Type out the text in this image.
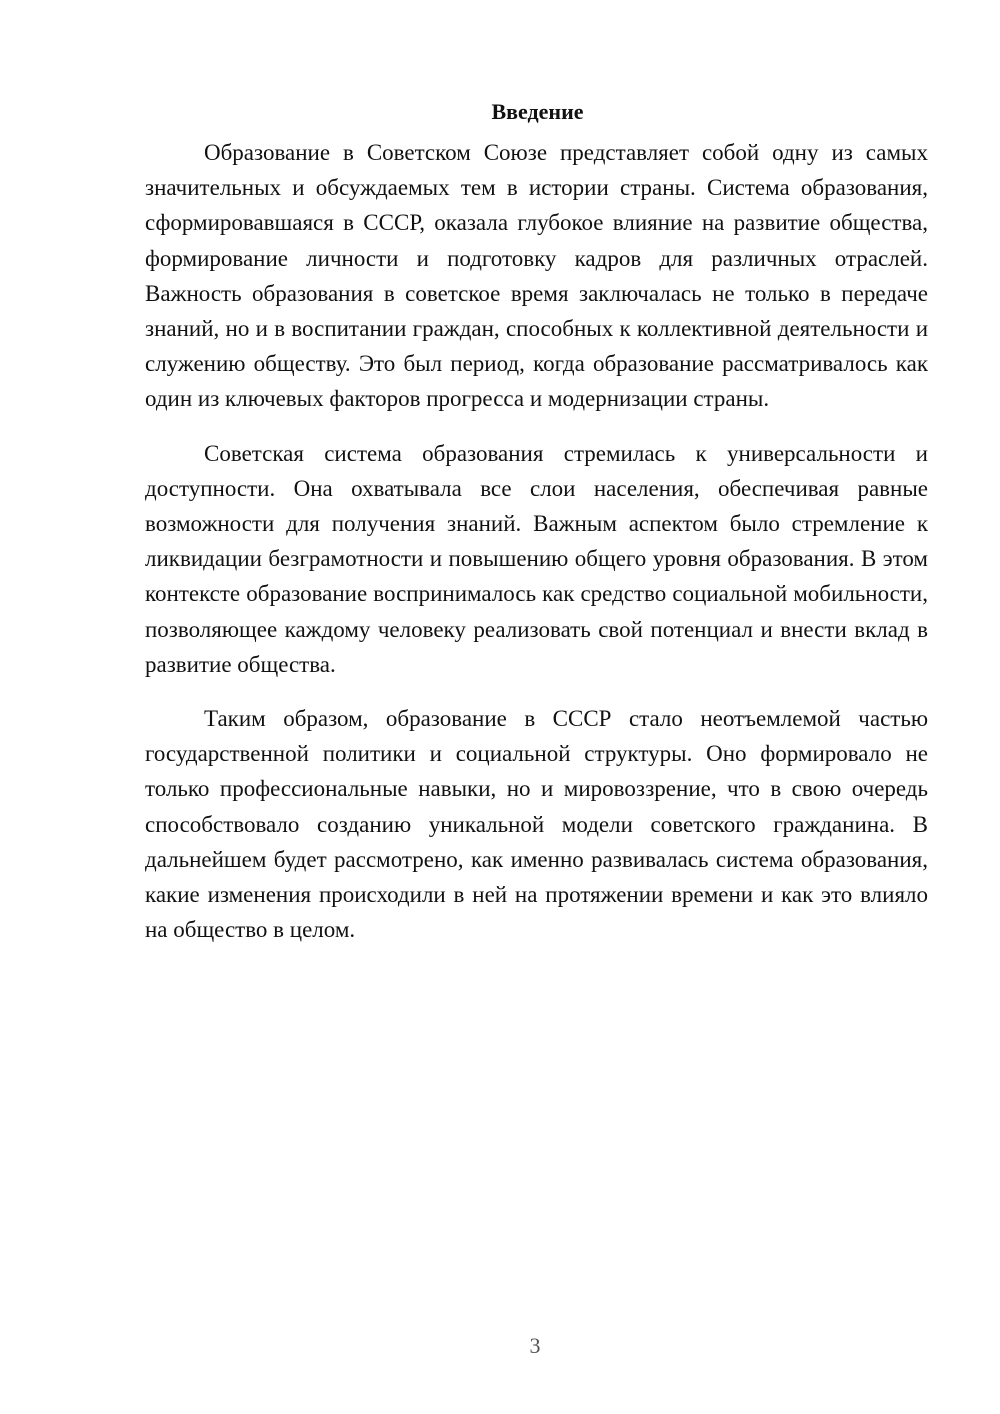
Введение

Образование в Советском Союзе представляет собой одну из самых значительных и обсуждаемых тем в истории страны. Система образования, сформировавшаяся в СССР, оказала глубокое влияние на развитие общества, формирование личности и подготовку кадров для различных отраслей. Важность образования в советское время заключалась не только в передаче знаний, но и в воспитании граждан, способных к коллективной деятельности и служению обществу. Это был период, когда образование рассматривалось как один из ключевых факторов прогресса и модернизации страны.

Советская система образования стремилась к универсальности и доступности. Она охватывала все слои населения, обеспечивая равные возможности для получения знаний. Важным аспектом было стремление к ликвидации безграмотности и повышению общего уровня образования. В этом контексте образование воспринималось как средство социальной мобильности, позволяющее каждому человеку реализовать свой потенциал и внести вклад в развитие общества.

Таким образом, образование в СССР стало неотъемлемой частью государственной политики и социальной структуры. Оно формировало не только профессиональные навыки, но и мировоззрение, что в свою очередь способствовало созданию уникальной модели советского гражданина. В дальнейшем будет рассмотрено, как именно развивалась система образования, какие изменения происходили в ней на протяжении времени и как это влияло на общество в целом.

3
